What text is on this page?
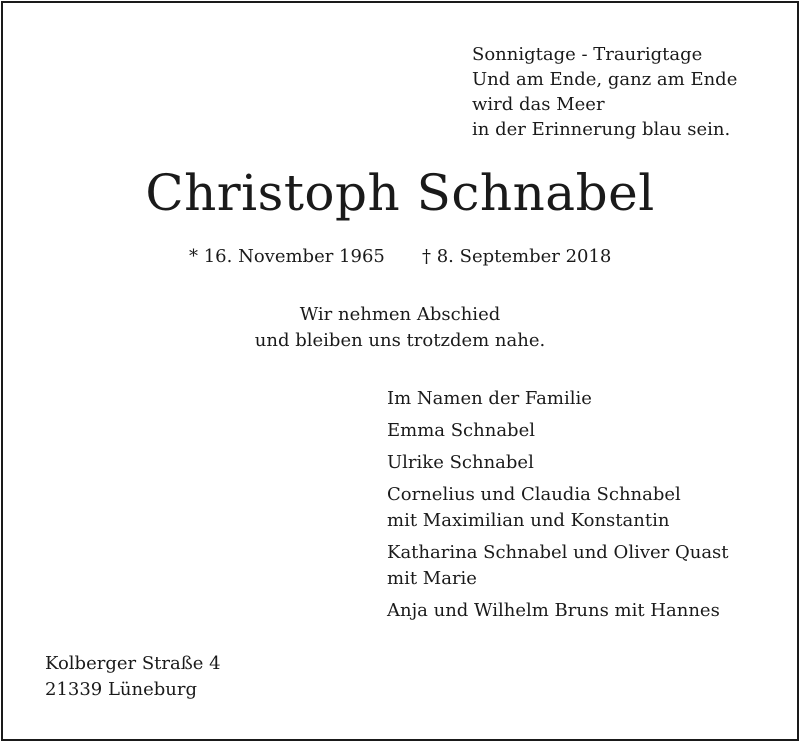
Sonnigtage - Traurigtage
Und am Ende, ganz am Ende
wird das Meer
in der Erinnerung blau sein.
Christoph Schnabel
* 16. November 1965 † 8. September 2018
Wir nehmen Abschied
und bleiben uns trotzdem nahe.
Im Namen der Familie
Emma Schnabel
Ulrike Schnabel
Cornelius und Claudia Schnabel
mit Maximilian und Konstantin
Katharina Schnabel und Oliver Quast
mit Marie
Anja und Wilhelm Bruns mit Hannes
Kolberger Straße 4
21339 Lüneburg
